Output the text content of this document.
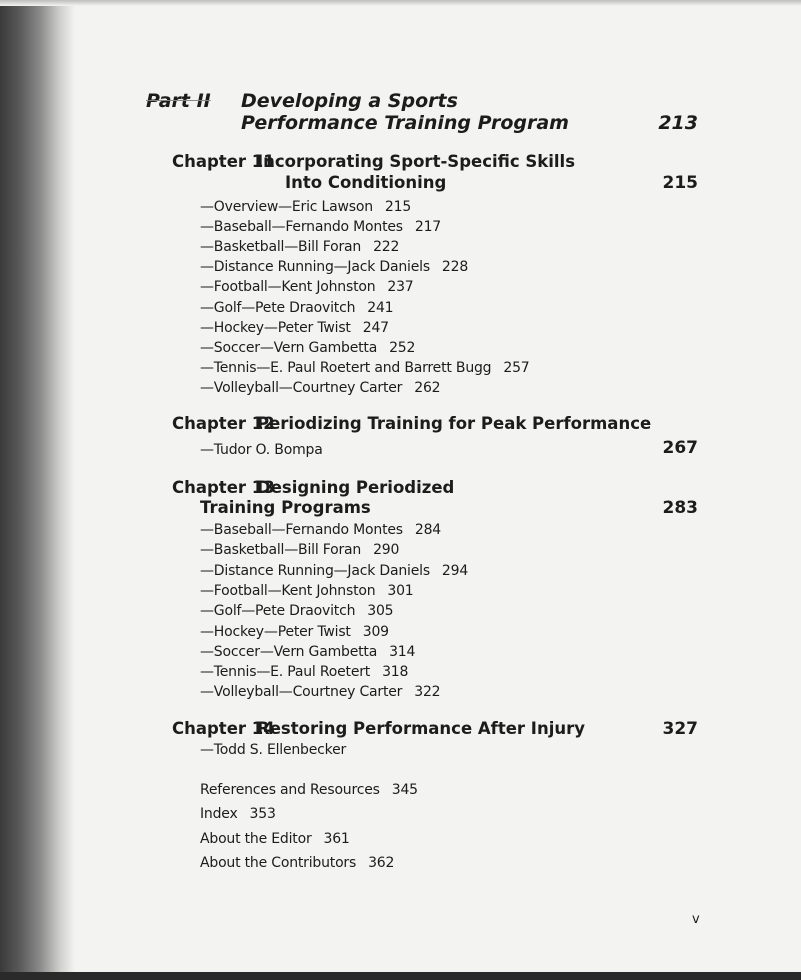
Part II Developing a Sports
Performance Training Program	213
Chapter 11
Incorporating Sport-Specific Skills
Into Conditioning	215
—Overview—Eric Lawson 215
—Baseball—Fernando Montes 217
—Basketball—Bill Foran 222
—Distance Running—Jack Daniels 228
—Football—Kent Johnston 237
—Golf—Pete Draovitch 241
—Hockey—Peter Twist 247
—Soccer—Vern Gambetta 252
—Tennis—E. Paul Roetert and Barrett Bugg 257
—Volleyball—Courtney Carter 262
Chapter 12
Periodizing Training for Peak Performance
267
—Tudor O. Bompa
Chapter 13
Designing Periodized
Training Programs	283
—Baseball—Fernando Montes 284
—Basketball—Bill Foran 290
—Distance Running—Jack Daniels 294
—Football—Kent Johnston 301
—Golf—Pete Draovitch 305
—Hockey—Peter Twist 309
—Soccer—Vern Gambetta 314
—Tennis—E. Paul Roetert 318
—Volleyball—Courtney Carter 322
Chapter 14
Restoring Performance After Injury	327
—Todd S. Ellenbecker
References and Resources 345
Index 353
About the Editor 361
About the Contributors 362
v
